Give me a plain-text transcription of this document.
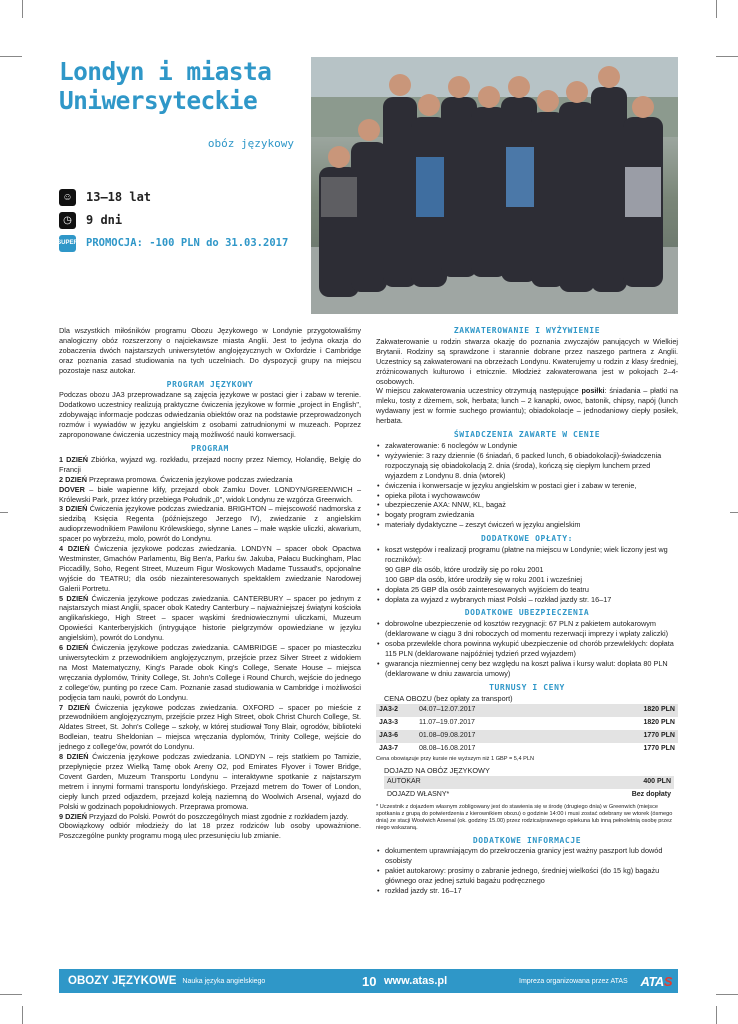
Londyn i miasta
Uniwersyteckie
obóz językowy
☺ 13–18 lat
◷	9 dni
SUPER PROMOCJA: -100 PLN do 31.03.2017

Dla wszystkich miłośników programu Obozu Językowego w Londynie przygotowaliśmy analogiczny obóz rozszerzony o najciekawsze miasta Anglii. Jest to jedyna okazja do zobaczenia dwóch najstarszych uniwersytetów anglojęzycznych w Oxfordzie i Cambridge oraz poznania zasad studiowania na tych uczelniach. Do dyspozycji grupy na miejscu pozostaje nasz autokar.

PROGRAM JĘZYKOWY

Podczas obozu JA3 przeprowadzane są zajęcia językowe w postaci gier i zabaw w terenie. Dodatkowo uczestnicy realizują praktyczne ćwiczenia językowe w formie „project in English", zdobywając informacje podczas odwiedzania obiektów oraz na podstawie przeprowadzonych rozmów i wywiadów w języku angielskim z osobami zatrudnionymi w muzeach. Poprzez zaproponowane ćwiczenia uczestnicy mają możliwość nauki konwersacji.

PROGRAM

1 DZIEŃ Zbiórka, wyjazd wg. rozkładu, przejazd nocny przez Niemcy, Holandię, Belgię do Francji

2 DZIEŃ Przeprawa promowa. Ćwiczenia językowe podczas zwiedzania

DOVER – białe wapienne klify, przejazd obok Zamku Dover. LONDYN/GREENWICH – Królewski Park, przez który przebiega Południk „0", widok Londynu ze wzgórza Greenwich.

3 DZIEŃ Ćwiczenia językowe podczas zwiedzania. BRIGHTON – miejscowość nadmorska z siedzibą Księcia Regenta (późniejszego Jerzego IV), zwiedzanie z angielskim audioprzewodnikiem Pawilonu Królewskiego, słynne Lanes – małe wąskie uliczki, akwarium, spacer po wybrzeżu, molo, powrót do Londynu.

4 DZIEŃ Ćwiczenia językowe podczas zwiedzania. LONDYN – spacer obok Opactwa Westminster, Gmachów Parlamentu, Big Ben'a, Parku św. Jakuba, Pałacu Buckingham, Plac Piccadilly, Soho, Regent Street, Muzeum Figur Woskowych Madame Tussaud's, opcjonalne wyjście do TEATRU; dla osób niezainteresowanych spektaklem zwiedzanie Narodowej Galerii Portretu.

5 DZIEŃ Ćwiczenia językowe podczas zwiedzania. CANTERBURY – spacer po jednym z najstarszych miast Anglii, spacer obok Katedry Canterbury – najważniejszej świątyni kościoła anglikańskiego, High Street – spacer wąskimi średniowiecznymi uliczkami, Muzeum Opowieści Kanterberyjskich (intrygujące historie pielgrzymów opowiedziane w języku angielskim), powrót do Londynu.

6 DZIEŃ Ćwiczenia językowe podczas zwiedzania. CAMBRIDGE – spacer po miasteczku uniwersyteckim z przewodnikiem anglojęzycznym, przejście przez Silver Street z widokiem na Most Matematyczny, King's Parade obok King's College, Senate House – miejsca wręczania dyplomów, Trinity College, St. John's College i Round Church, wejście do jednego z college'ów, punting po rzece Cam. Poznanie zasad studiowania w Cambridge i możliwości podjęcia tam nauki, powrót do Londynu.

7 DZIEŃ Ćwiczenia językowe podczas zwiedzania. OXFORD – spacer po mieście z przewodnikiem anglojęzycznym, przejście przez High Street, obok Christ Church College, St. Aldates Street, St. John's College – szkoły, w której studiował Tony Blair, ogrodów, biblioteki Bodleian, teatru Sheldonian – miejsca wręczania dyplomów, Trinity College, wejście do jednego z college'ów, powrót do Londynu.

8 DZIEŃ Ćwiczenia językowe podczas zwiedzania. LONDYN – rejs statkiem po Tamizie, przepłynięcie przez Wielką Tamę obok Areny O2, pod Emirates Flyover i Tower Bridge, Covent Garden, Muzeum Transportu Londynu – interaktywne spotkanie z najstarszym metrem i innymi formami transportu londyńskiego. Przejazd metrem do Tower of London, ciepły lunch przed odjazdem, przejazd koleją naziemną do Woolwich Arsenal, wyjazd do Polski w godzinach popołudniowych. Przeprawa promowa.

9 DZIEŃ Przyjazd do Polski. Powrót do poszczególnych miast zgodnie z rozkładem jazdy.

Obowiązkowy odbiór młodzieży do lat 18 przez rodziców lub osoby upoważnione. Poszczególne punkty programu mogą ulec przesunięciu lub zmianie.

ZAKWATEROWANIE I WYŻYWIENIE

Zakwaterowanie u rodzin stwarza okazję do poznania zwyczajów panujących w Wielkiej Brytanii. Rodziny są sprawdzone i starannie dobrane przez naszego partnera z Anglii. Uczestnicy są zakwaterowani na obrzeżach Londynu. Kwaterujemy u rodzin z klasy średniej, zróżnicowanych kulturowo i etnicznie. Młodzież zakwaterowana jest w pokojach 2–4-osobowych.

W miejscu zakwaterowania uczestnicy otrzymują następujące posiłki: śniadania – płatki na mleku, tosty z dżemem, sok, herbata; lunch – 2 kanapki, owoc, batonik, chipsy, napój (lunch wydawany jest w formie suchego prowiantu); obiadokolacje – jednodaniowy ciepły posiłek, herbata.

ŚWIADCZENIA ZAWARTE W CENIE
• zakwaterowanie: 6 noclegów w Londynie
• wyżywienie: 3 razy dziennie (6 śniadań, 6 packed lunch, 6 obiadokolacji)-świadczenia rozpoczynają się obiadokolacją 2. dnia (środa), kończą się ciepłym lunchem przed wyjazdem z Londynu 8. dnia (wtorek)
• ćwiczenia i konwersacje w języku angielskim w postaci gier i zabaw w terenie,
• opieka pilota i wychowawców
• ubezpieczenie AXA: NNW, KL, bagaż
• bogaty program zwiedzania
• materiały dydaktyczne – zeszyt ćwiczeń w języku angielskim
DODATKOWE OPŁATY:
• koszt wstępów i realizacji programu (płatne na miejscu w Londynie; wiek liczony jest wg roczników):
90 GBP dla osób, które urodziły się po roku 2001
100 GBP dla osób, które urodziły się w roku 2001 i wcześniej
• dopłata 25 GBP dla osób zainteresowanych wyjściem do teatru
• dopłata za wyjazd z wybranych miast Polski – rozkład jazdy str. 16–17
DODATKOWE UBEZPIECZENIA
• dobrowolne ubezpieczenie od kosztów rezygnacji: 67 PLN z pakietem autokarowym (deklarowane w ciągu 3 dni roboczych od momentu rezerwacji imprezy i wpłaty zaliczki)
• osoba przewlekle chora powinna wykupić ubezpieczenie od chorób przewlekłych: dopłata 115 PLN (deklarowane najpóźniej tydzień przed wyjazdem)
• gwarancja niezmiennej ceny bez względu na koszt paliwa i kursy walut: dopłata 80 PLN (deklarowane w dniu zawarcia umowy)
TURNUSY I CENY
CENA OBOZU (bez opłaty za transport)
JA3-2	04.07–12.07.2017	1820 PLN
JA3-3	11.07–19.07.2017	1820 PLN
JA3-6	01.08–09.08.2017	1770 PLN
JA3-7	08.08–16.08.2017	1770 PLN
Cena obowiązuje przy kursie nie wyższym niż 1 GBP = 5,4 PLN
DOJAZD NA OBÓZ JĘZYKOWY
AUTOKAR	400 PLN
DOJAZD WŁASNY*	Bez dopłaty
* Uczestnik z dojazdem własnym zobligowany jest do stawienia się w środę (drugiego dnia) w Greenwich (miejsce spotkania z grupą do potwierdzenia z kierownikiem obozu) o godzinie 14:00 i musi zostać odebrany we wtorek (ósmego dnia) ze stacji Woolwich Arsenal (ok. godziny 15.00) przez rodzica/prawnego opiekuna lub inną pełnoletnią osobę przez niego wskazaną.
DODATKOWE INFORMACJE
• dokumentem uprawniającym do przekroczenia granicy jest ważny paszport lub dowód osobisty
• pakiet autokarowy: prosimy o zabranie jednego, średniej wielkości (do 15 kg) bagażu głównego oraz jednej sztuki bagażu podręcznego
• rozkład jazdy str. 16–17
OBOZY JĘZYKOWE Nauka języka angielskiego	10 www.atas.pl	Impreza organizowana przez ATAS ATAS
